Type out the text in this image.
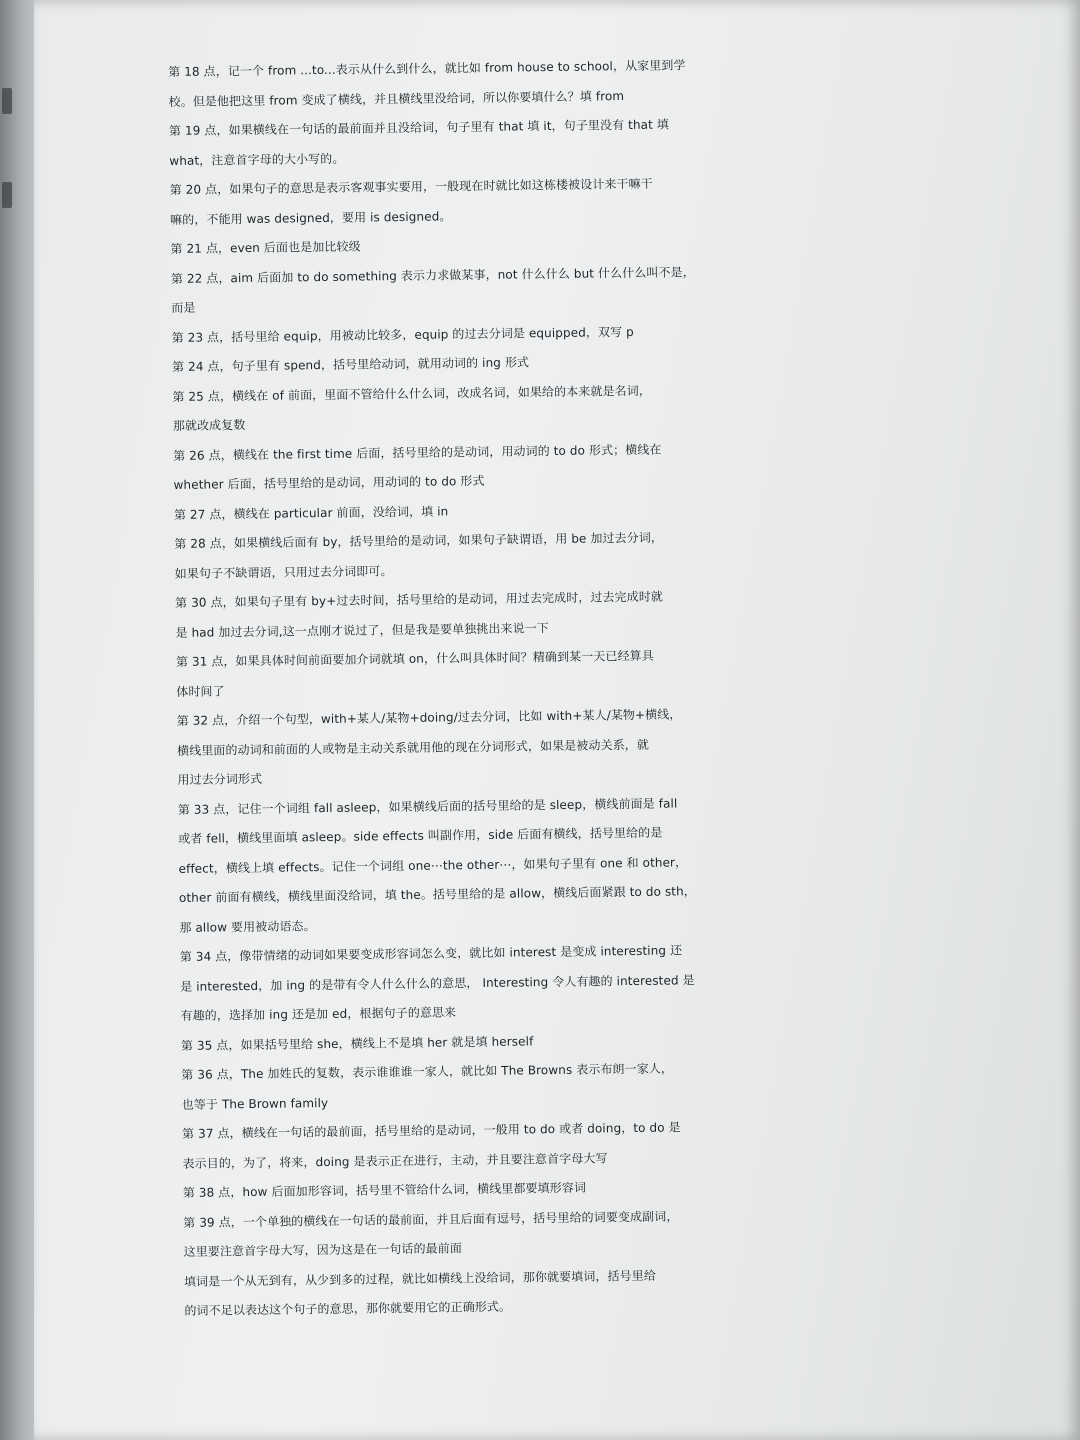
第 18 点，记一个 from ...to...表示从什么到什么，就比如 from house to school，从家里到学

校。但是他把这里 from 变成了横线，并且横线里没给词，所以你要填什么？填 from

第 19 点，如果横线在一句话的最前面并且没给词，句子里有 that 填 it，句子里没有 that 填

what，注意首字母的大小写的。

第 20 点，如果句子的意思是表示客观事实要用，一般现在时就比如这栋楼被设计来干嘛干

嘛的，不能用 was designed，要用 is designed。

第 21 点，even 后面也是加比较级

第 22 点，aim 后面加 to do something 表示力求做某事，not 什么什么 but 什么什么叫不是，

而是

第 23 点，括号里给 equip，用被动比较多，equip 的过去分词是 equipped，双写 p

第 24 点，句子里有 spend，括号里给动词，就用动词的 ing 形式

第 25 点，横线在 of 前面，里面不管给什么什么词，改成名词，如果给的本来就是名词，

那就改成复数

第 26 点，横线在 the first time 后面，括号里给的是动词，用动词的 to do 形式；横线在

whether 后面，括号里给的是动词，用动词的 to do 形式

第 27 点，横线在 particular 前面，没给词，填 in

第 28 点，如果横线后面有 by，括号里给的是动词，如果句子缺谓语，用 be 加过去分词，

如果句子不缺谓语，只用过去分词即可。

第 30 点，如果句子里有 by+过去时间，括号里给的是动词，用过去完成时，过去完成时就

是 had 加过去分词,这一点刚才说过了，但是我是要单独挑出来说一下

第 31 点，如果具体时间前面要加介词就填 on，什么叫具体时间？精确到某一天已经算具

体时间了

第 32 点，介绍一个句型，with+某人/某物+doing/过去分词，比如 with+某人/某物+横线，

横线里面的动词和前面的人或物是主动关系就用他的现在分词形式，如果是被动关系，就

用过去分词形式

第 33 点，记住一个词组 fall asleep，如果横线后面的括号里给的是 sleep，横线前面是 fall

或者 fell，横线里面填 asleep。side effects 叫副作用，side 后面有横线，括号里给的是

effect，横线上填 effects。记住一个词组 one⋯the other⋯，如果句子里有 one 和 other，

other 前面有横线，横线里面没给词，填 the。括号里给的是 allow，横线后面紧跟 to do sth，

那 allow 要用被动语态。

第 34 点，像带情绪的动词如果要变成形容词怎么变，就比如 interest 是变成 interesting 还

是 interested，加 ing 的是带有令人什么什么的意思， Interesting 令人有趣的 interested 是

有趣的，选择加 ing 还是加 ed，根据句子的意思来

第 35 点，如果括号里给 she，横线上不是填 her 就是填 herself

第 36 点，The 加姓氏的复数，表示谁谁谁一家人，就比如 The Browns 表示布朗一家人，

也等于 The Brown family

第 37 点，横线在一句话的最前面，括号里给的是动词，一般用 to do 或者 doing，to do 是

表示目的，为了，将来，doing 是表示正在进行，主动，并且要注意首字母大写

第 38 点，how 后面加形容词，括号里不管给什么词，横线里都要填形容词

第 39 点，一个单独的横线在一句话的最前面，并且后面有逗号，括号里给的词要变成副词，

这里要注意首字母大写，因为这是在一句话的最前面

填词是一个从无到有，从少到多的过程，就比如横线上没给词，那你就要填词，括号里给

的词不足以表达这个句子的意思，那你就要用它的正确形式。
